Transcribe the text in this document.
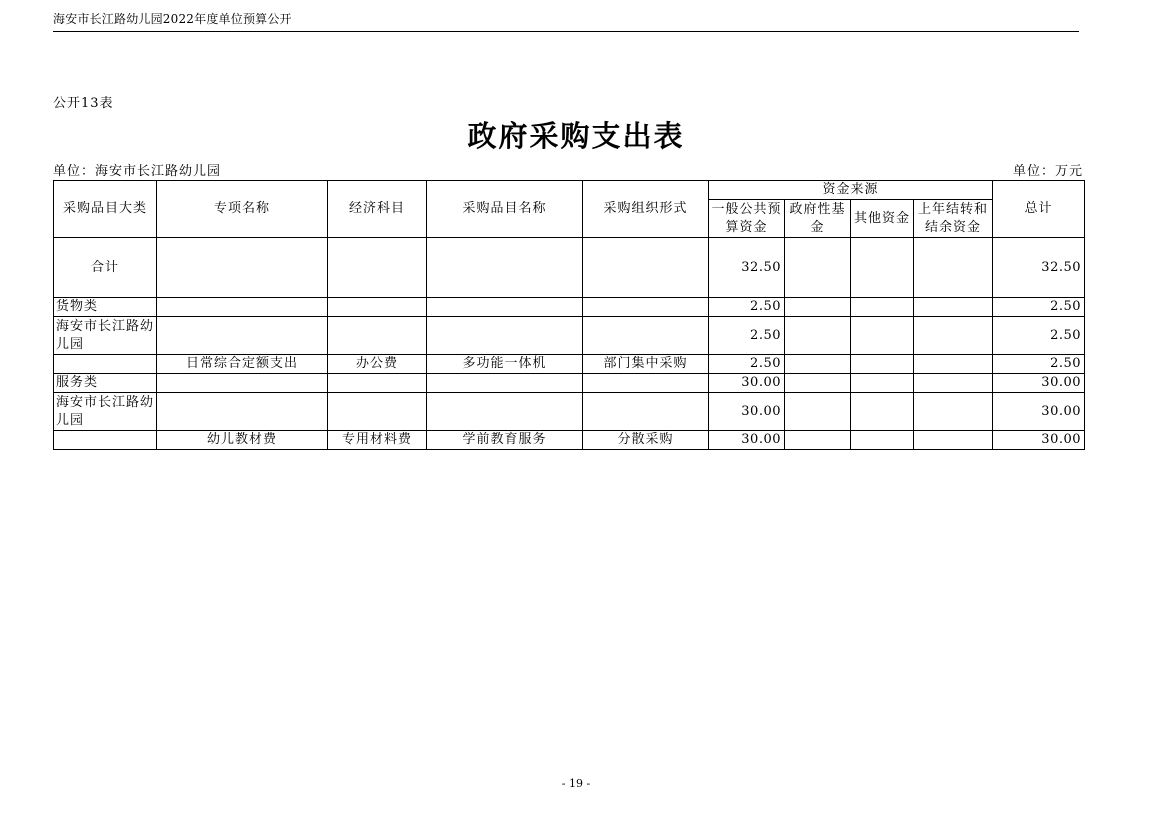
海安市长江路幼儿园2022年度单位预算公开
公开13表
政府采购支出表
单位：海安市长江路幼儿园	单位：万元
采购品目大类	专项名称	经济科目	采购品目名称	采购组织形式	资金来源				总计
					一般公共预算资金	政府性基金	其他资金	上年结转和结余资金	
合计					32.50				32.50
货物类					2.50				2.50
海安市长江路幼儿园					2.50				2.50
	日常综合定额支出	办公费	多功能一体机	部门集中采购	2.50				2.50
服务类					30.00				30.00
海安市长江路幼儿园					30.00				30.00
	幼儿教材费	专用材料费	学前教育服务	分散采购	30.00				30.00
- 19 -
